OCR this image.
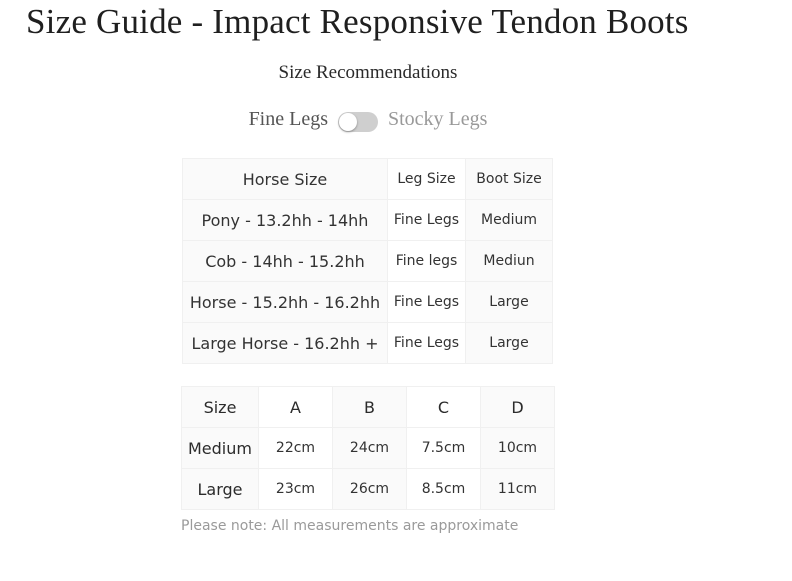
Size Guide - Impact Responsive Tendon Boots
Size Recommendations
Fine Legs	Stocky Legs
Horse Size	Leg Size	Boot Size
Pony - 13.2hh - 14hh	Fine Legs	Medium
Cob - 14hh - 15.2hh	Fine legs	Mediun
Horse - 15.2hh - 16.2hh	Fine Legs	Large
Large Horse - 16.2hh +	Fine Legs	Large
Size	A	B	C	D
Medium	22cm	24cm	7.5cm	10cm
Large	23cm	26cm	8.5cm	11cm
Please note: All measurements are approximate
